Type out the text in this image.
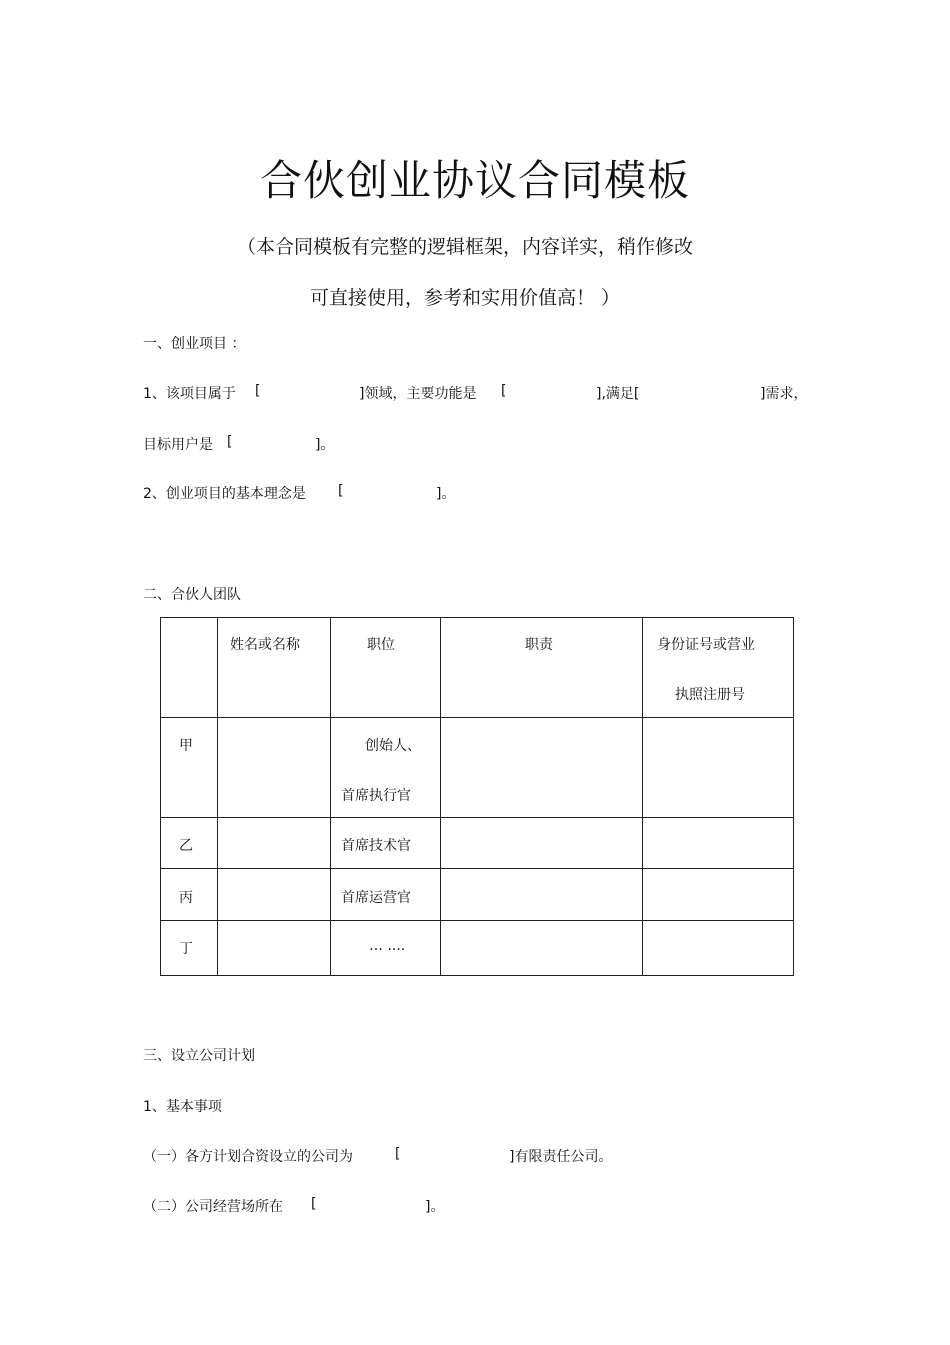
合伙创业协议合同模板
（本合同模板有完整的逻辑框架，内容详实，稍作修改
可直接使用，参考和实用价值高！ ）
一、创业项目 ：
1、该项目属于 [	]领域，主要功能是 [	],满足[	]需求，
目标用户是 [	]。
2、创业项目的基本理念是 [	]。
二、合伙人团队

	姓名或名称	职位	职责	身份证号或营业
执照注册号

甲		创始人、
首席执行官		

乙		首席技术官		

丙		首席运营官		

丁		… ....		

三、设立公司计划
1、基本事项
（一）各方计划合资设立的公司为	[	]有限责任公司。
（二）公司经营场所在 [	]。
